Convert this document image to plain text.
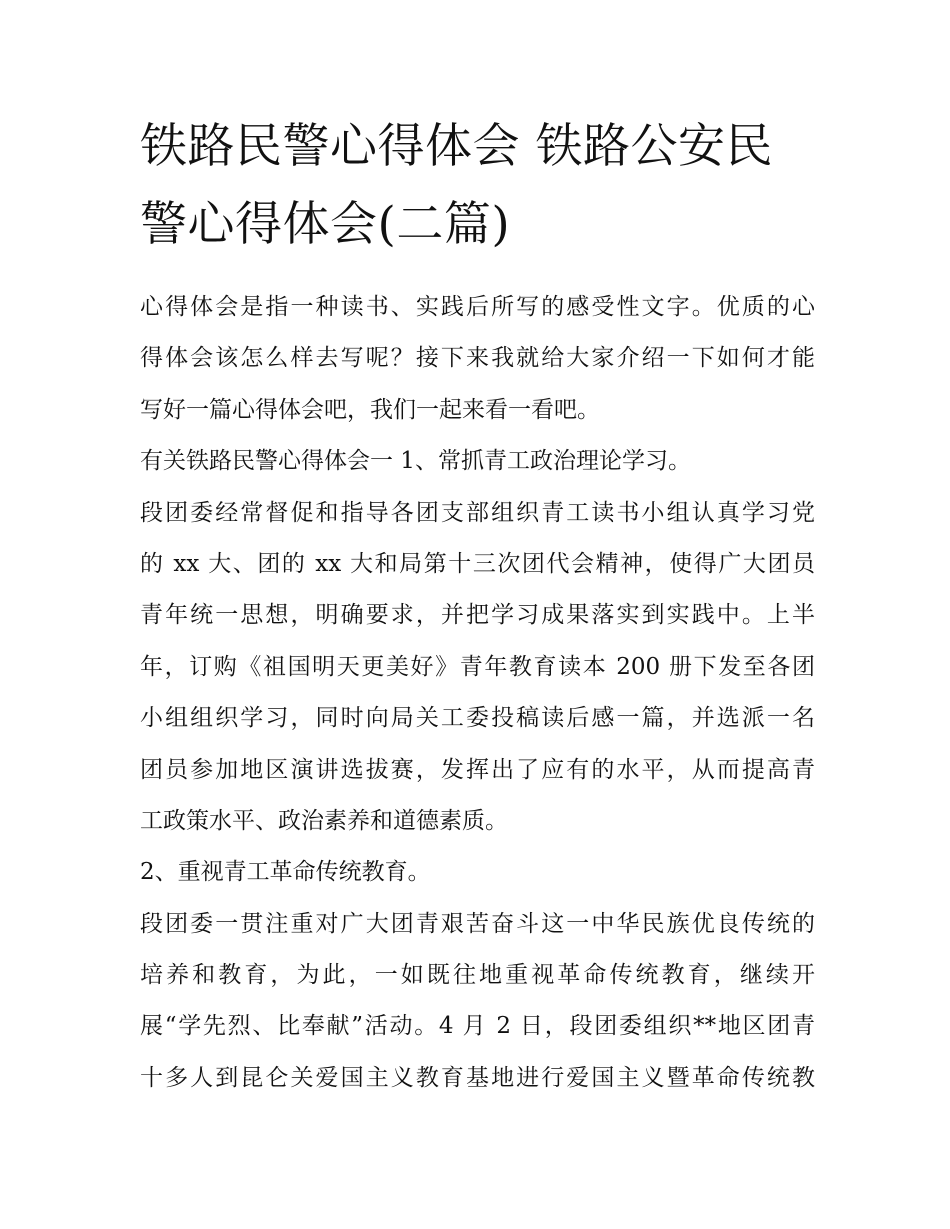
铁路民警心得体会 铁路公安民
警心得体会(二篇)
心得体会是指一种读书、实践后所写的感受性文字。优质的心
得体会该怎么样去写呢？接下来我就给大家介绍一下如何才能
写好一篇心得体会吧，我们一起来看一看吧。
有关铁路民警心得体会一 1、常抓青工政治理论学习。
段团委经常督促和指导各团支部组织青工读书小组认真学习党
的 xx 大、团的 xx 大和局第十三次团代会精神，使得广大团员
青年统一思想，明确要求，并把学习成果落实到实践中。上半
年，订购《祖国明天更美好》青年教育读本 200 册下发至各团
小组组织学习，同时向局关工委投稿读后感一篇，并选派一名
团员参加地区演讲选拔赛，发挥出了应有的水平，从而提高青
工政策水平、政治素养和道德素质。
2、重视青工革命传统教育。
段团委一贯注重对广大团青艰苦奋斗这一中华民族优良传统的
培养和教育，为此，一如既往地重视革命传统教育，继续开
展“学先烈、比奉献”活动。4 月 2 日，段团委组织**地区团青
十多人到昆仑关爱国主义教育基地进行爱国主义暨革命传统教
